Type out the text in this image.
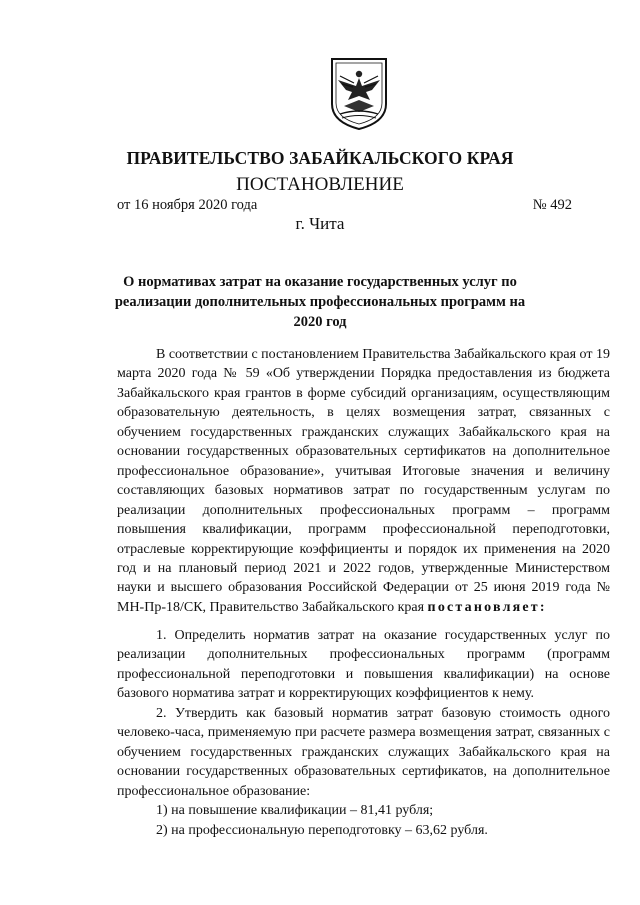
ПРАВИТЕЛЬСТВО ЗАБАЙКАЛЬСКОГО КРАЯ
ПОСТАНОВЛЕНИЕ
от 16 ноября 2020 года	№ 492
г. Чита
О нормативах затрат на оказание государственных услуг по реализации дополнительных профессиональных программ на 2020 год

В соответствии с постановлением Правительства Забайкальского края от 19 марта 2020 года № 59 «Об утверждении Порядка предоставления из бюджета Забайкальского края грантов в форме субсидий организациям, осуществляющим образовательную деятельность, в целях возмещения затрат, связанных с обучением государственных гражданских служащих Забайкальского края на основании государственных образовательных сертификатов на дополнительное профессиональное образование», учитывая Итоговые значения и величину составляющих базовых нормативов затрат по государственным услугам по реализации дополнительных профессиональных программ – программ повышения квалификации, программ профессиональной переподготовки, отраслевые корректирующие коэффициенты и порядок их применения на 2020 год и на плановый период 2021 и 2022 годов, утвержденные Министерством науки и высшего образования Российской Федерации от 25 июня 2019 года № МН-Пр-18/СК, Правительство Забайкальского края постановляет:

1. Определить норматив затрат на оказание государственных услуг по реализации дополнительных профессиональных программ (программ профессиональной переподготовки и повышения квалификации) на основе базового норматива затрат и корректирующих коэффициентов к нему.

2. Утвердить как базовый норматив затрат базовую стоимость одного человеко-часа, применяемую при расчете размера возмещения затрат, связанных с обучением государственных гражданских служащих Забайкальского края на основании государственных образовательных сертификатов, на дополнительное профессиональное образование:

1) на повышение квалификации – 81,41 рубля;

2) на профессиональную переподготовку – 63,62 рубля.
